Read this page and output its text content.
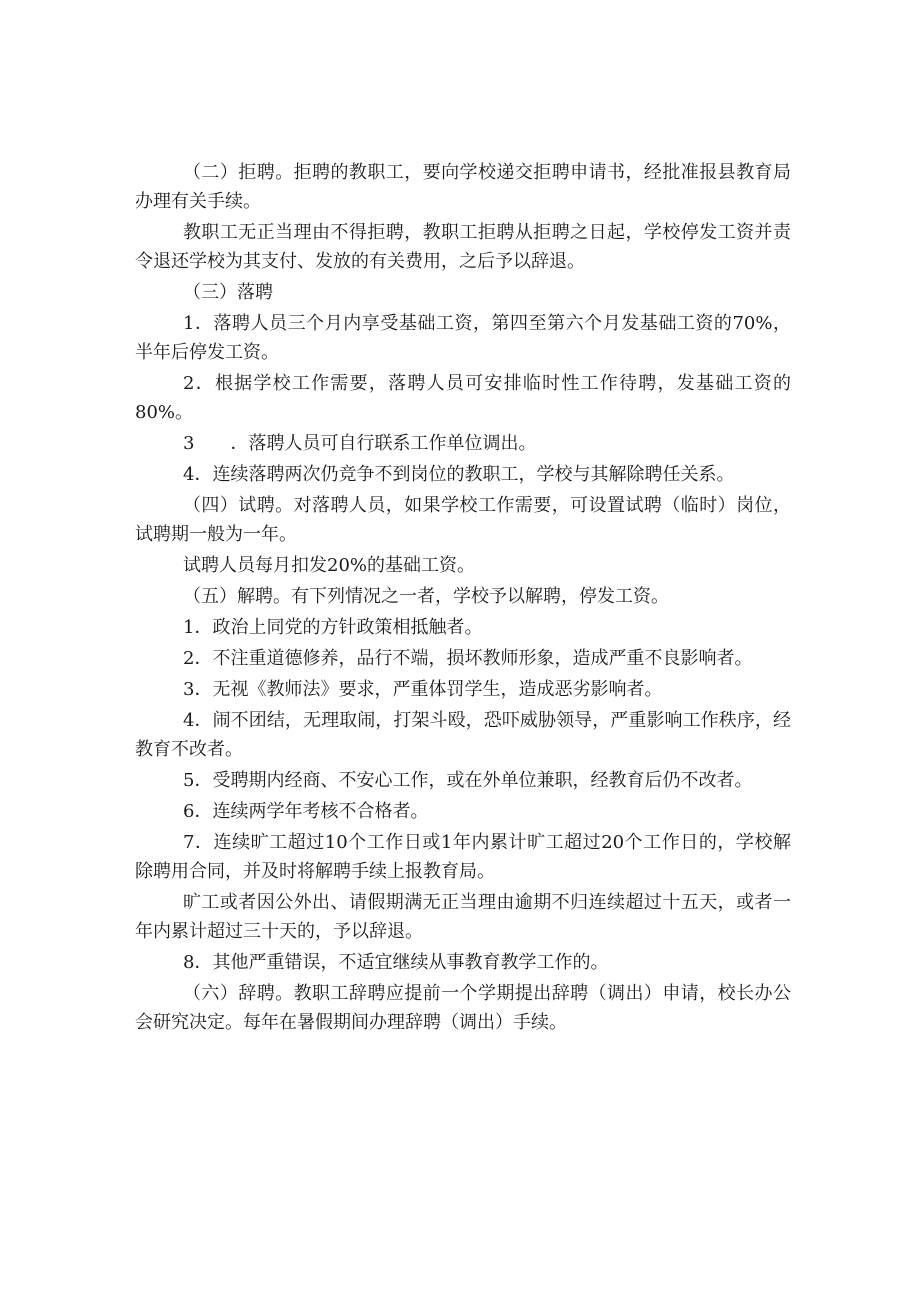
（二）拒聘。拒聘的教职工，要向学校递交拒聘申请书，经批准报县教育局办理有关手续。

教职工无正当理由不得拒聘，教职工拒聘从拒聘之日起，学校停发工资并责令退还学校为其支付、发放的有关费用，之后予以辞退。

（三）落聘

1．落聘人员三个月内享受基础工资，第四至第六个月发基础工资的70%，半年后停发工资。

2．根据学校工作需要，落聘人员可安排临时性工作待聘，发基础工资的80%。

3　　．落聘人员可自行联系工作单位调出。

4．连续落聘两次仍竞争不到岗位的教职工，学校与其解除聘任关系。

（四）试聘。对落聘人员，如果学校工作需要，可设置试聘（临时）岗位，试聘期一般为一年。

试聘人员每月扣发20%的基础工资。

（五）解聘。有下列情况之一者，学校予以解聘，停发工资。

1．政治上同党的方针政策相抵触者。

2．不注重道德修养，品行不端，损坏教师形象，造成严重不良影响者。

3．无视《教师法》要求，严重体罚学生，造成恶劣影响者。

4．闹不团结，无理取闹，打架斗殴，恐吓威胁领导，严重影响工作秩序，经教育不改者。

5．受聘期内经商、不安心工作，或在外单位兼职，经教育后仍不改者。

6．连续两学年考核不合格者。

7．连续旷工超过10个工作日或1年内累计旷工超过20个工作日的，学校解除聘用合同，并及时将解聘手续上报教育局。

旷工或者因公外出、请假期满无正当理由逾期不归连续超过十五天，或者一年内累计超过三十天的，予以辞退。

8．其他严重错误，不适宜继续从事教育教学工作的。

（六）辞聘。教职工辞聘应提前一个学期提出辞聘（调出）申请，校长办公会研究决定。每年在暑假期间办理辞聘（调出）手续。
